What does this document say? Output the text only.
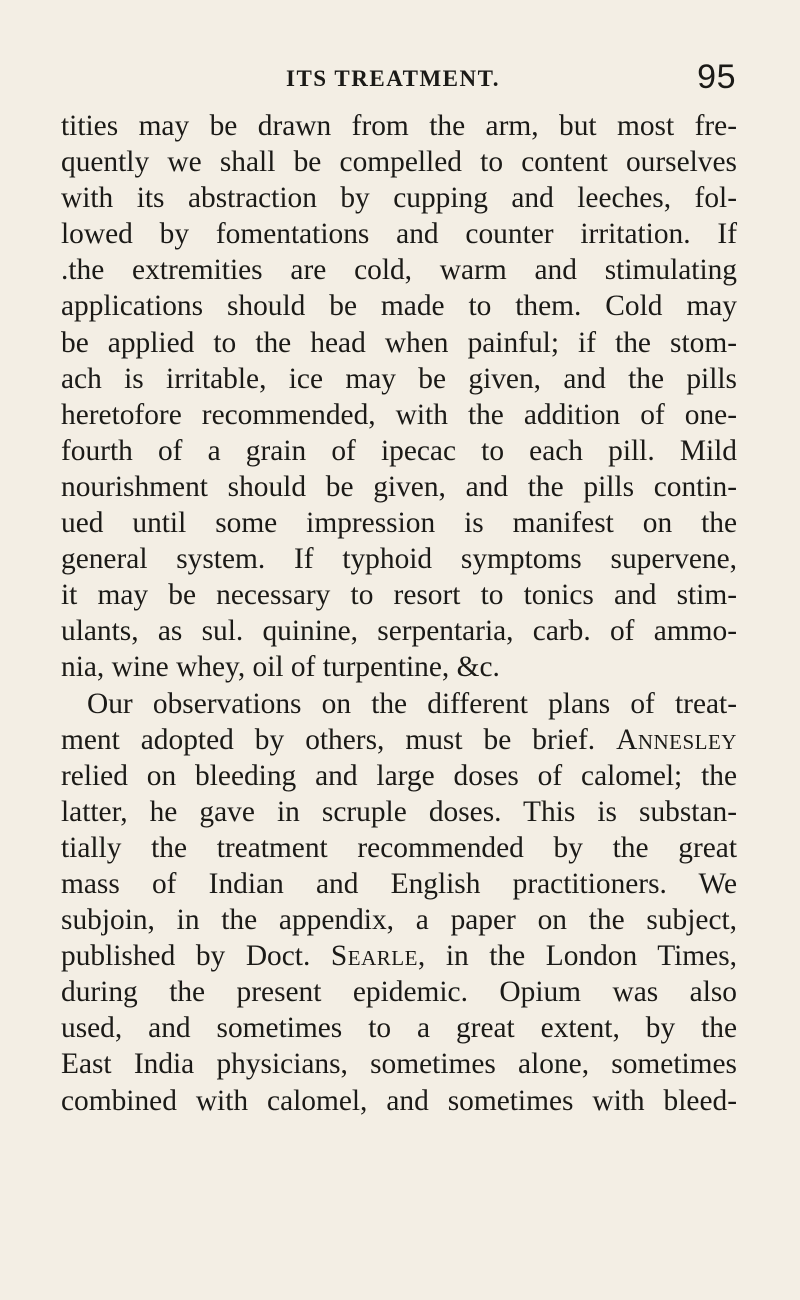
ITS TREATMENT.	95
tities may be drawn from the arm, but most fre-
quently we shall be compelled to content ourselves
with its abstraction by cupping and leeches, fol-
lowed by fomentations and counter irritation. If
.the extremities are cold, warm and stimulating
applications should be made to them. Cold may
be applied to the head when painful; if the stom-
ach is irritable, ice may be given, and the pills
heretofore recommended, with the addition of one-
fourth of a grain of ipecac to each pill. Mild
nourishment should be given, and the pills contin-
ued until some impression is manifest on the
general system. If typhoid symptoms supervene,
it may be necessary to resort to tonics and stim-
ulants, as sul. quinine, serpentaria, carb. of ammo-
nia, wine whey, oil of turpentine, &c.
Our observations on the different plans of treat-
ment adopted by others, must be brief. Annesley
relied on bleeding and large doses of calomel; the
latter, he gave in scruple doses. This is substan-
tially the treatment recommended by the great
mass of Indian and English practitioners. We
subjoin, in the appendix, a paper on the subject,
published by Doct. Searle, in the London Times,
during the present epidemic. Opium was also
used, and sometimes to a great extent, by the
East India physicians, sometimes alone, sometimes
combined with calomel, and sometimes with bleed-
